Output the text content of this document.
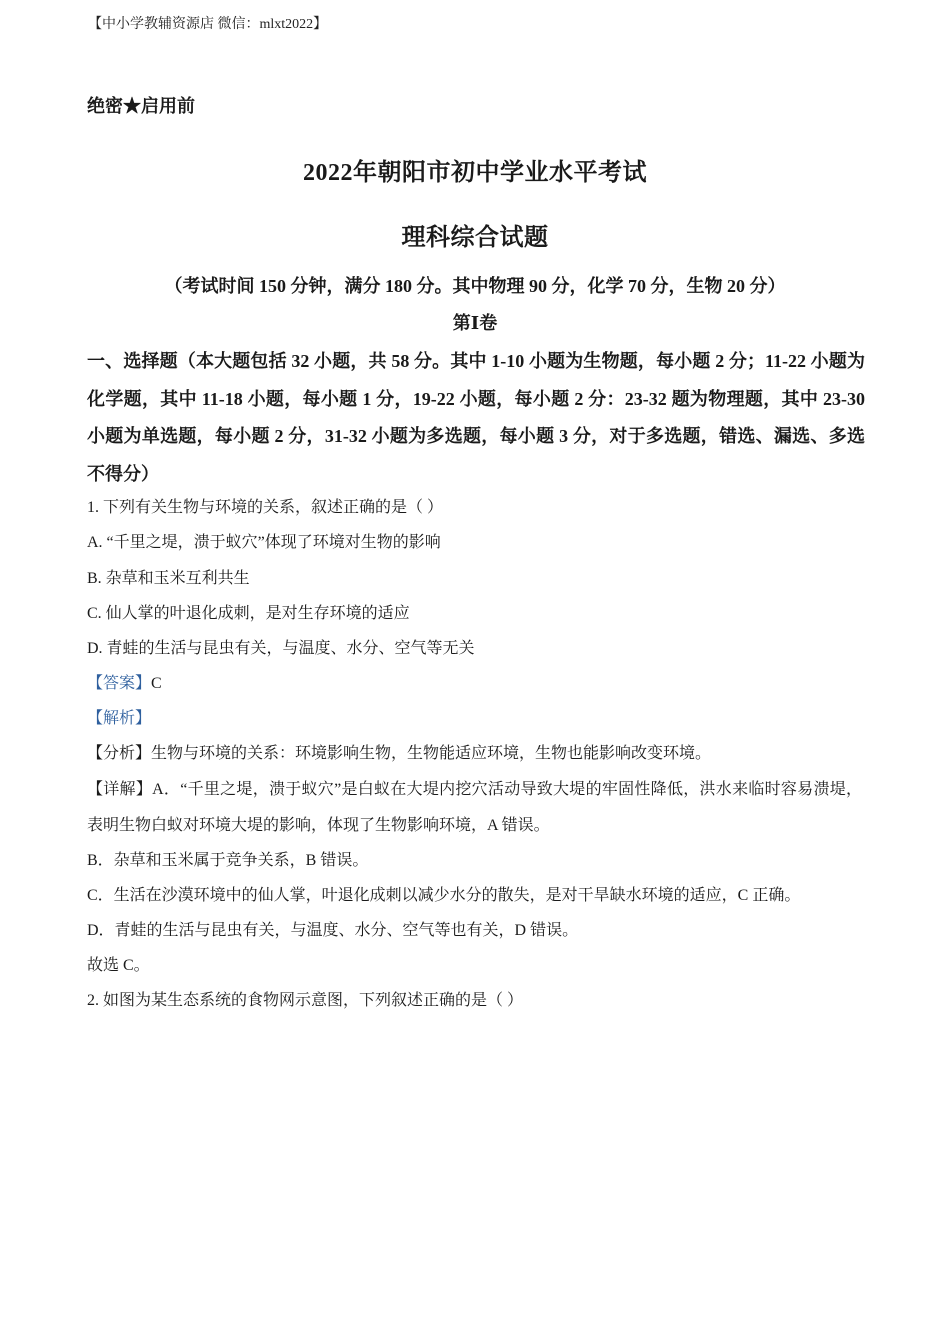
【中小学教辅资源店 微信：mlxt2022】
绝密★启用前
2022年朝阳市初中学业水平考试
理科综合试题
（考试时间 150 分钟，满分 180 分。其中物理 90 分，化学 70 分，生物 20 分）
第Ⅰ卷
一、选择题（本大题包括 32 小题，共 58 分。其中 1-10 小题为生物题，每小题 2 分；11-22 小题为化学题，其中 11-18 小题，每小题 1 分，19-22 小题，每小题 2 分：23-32 题为物理题，其中 23-30 小题为单选题，每小题 2 分，31-32 小题为多选题，每小题 3 分，对于多选题，错选、漏选、多选不得分）
1. 下列有关生物与环境的关系，叙述正确的是（ ）
A. “千里之堤，溃于蚁穴”体现了环境对生物的影响
B. 杂草和玉米互利共生
C. 仙人掌的叶退化成刺，是对生存环境的适应
D. 青蛙的生活与昆虫有关，与温度、水分、空气等无关
【答案】C
【解析】
【分析】生物与环境的关系：环境影响生物，生物能适应环境，生物也能影响改变环境。
【详解】A．“千里之堤，溃于蚁穴”是白蚁在大堤内挖穴活动导致大堤的牢固性降低，洪水来临时容易溃堤，表明生物白蚁对环境大堤的影响，体现了生物影响环境，A 错误。
B．杂草和玉米属于竞争关系，B 错误。
C．生活在沙漠环境中的仙人掌，叶退化成刺以减少水分的散失，是对干旱缺水环境的适应，C 正确。
D．青蛙的生活与昆虫有关，与温度、水分、空气等也有关，D 错误。
故选 C。
2. 如图为某生态系统的食物网示意图，下列叙述正确的是（ ）
